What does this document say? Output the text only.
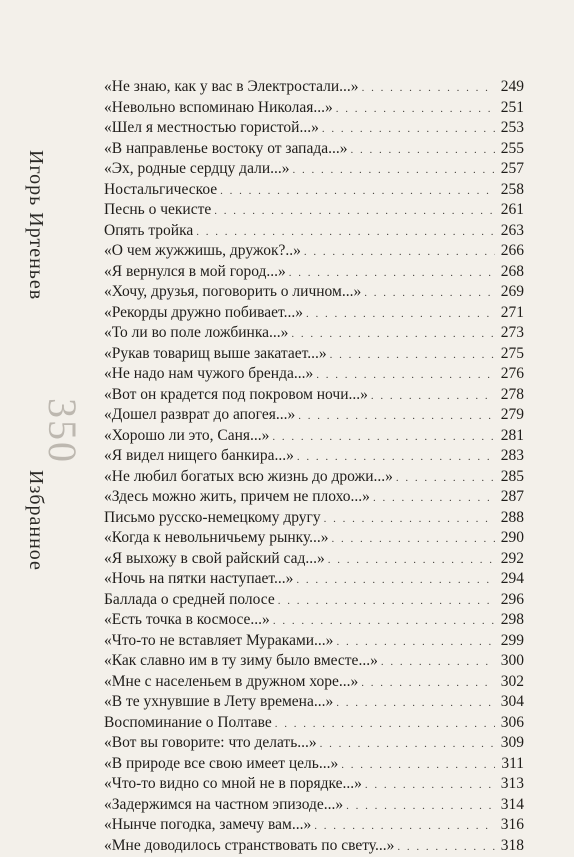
Игорь Иртеньев
350
Избранное
«Не знаю, как у вас в Электростали...» . . .	249
«Невольно вспоминаю Николая...» . . .	251
«Шел я местностью гористой...» . . .	253
«В направленье востоку от запада...» . . .	255
«Эх, родные сердцу дали...» . . .	257
Ностальгическое . . .	258
Песнь о чекисте . . .	261
Опять тройка . . .	263
«О чем жужжишь, дружок?..» . . .	266
«Я вернулся в мой город...» . . .	268
«Хочу, друзья, поговорить о личном...» . . .	269
«Рекорды дружно побивает...» . . .	271
«То ли во поле ложбинка...» . . .	273
«Рукав товарищ выше закатает...» . . .	275
«Не надо нам чужого бренда...» . . .	276
«Вот он крадется под покровом ночи...» . . .	278
«Дошел разврат до апогея...» . . .	279
«Хорошо ли это, Саня...» . . .	281
«Я видел нищего банкира...» . . .	283
«Не любил богатых всю жизнь до дрожи...» . . .	285
«Здесь можно жить, причем не плохо...» . . .	287
Письмо русско-немецкому другу . . .	288
«Когда к невольничьему рынку...» . . .	290
«Я выхожу в свой райский сад...» . . .	292
«Ночь на пятки наступает...» . . .	294
Баллада о средней полосе . . .	296
«Есть точка в космосе...» . . .	298
«Что-то не вставляет Мураками...» . . .	299
«Как славно им в ту зиму было вместе...» . . .	300
«Мне с населеньем в дружном хоре...» . . .	302
«В те ухнувшие в Лету времена...» . . .	304
Воспоминание о Полтаве . . .	306
«Вот вы говорите: что делать...» . . .	309
«В природе все свою имеет цель...» . . .	311
«Что-то видно со мной не в порядке...» . . .	313
«Задержимся на частном эпизоде...» . . .	314
«Нынче погодка, замечу вам...» . . .	316
«Мне доводилось странствовать по свету...» . . .	318
